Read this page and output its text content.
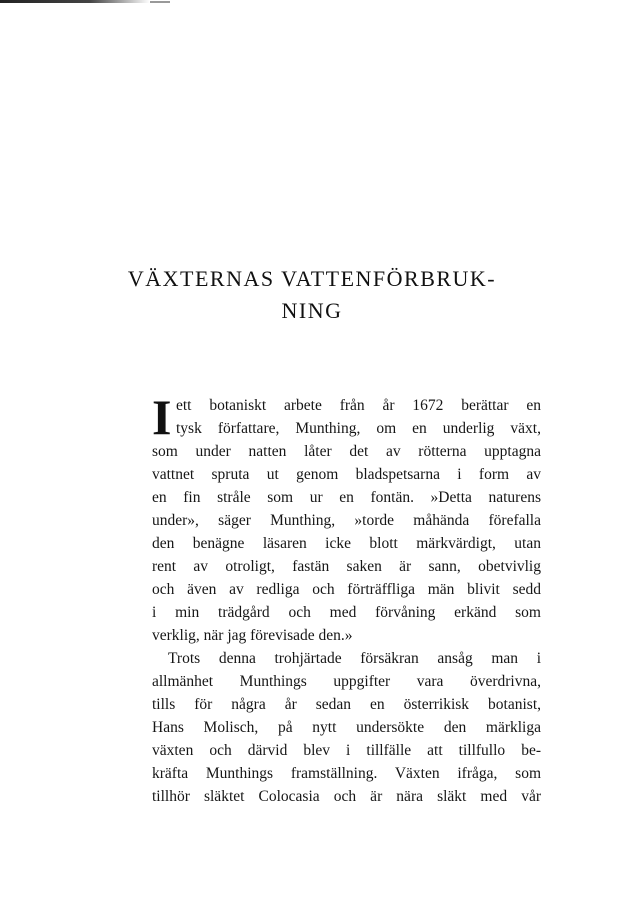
VÄXTERNAS VATTENFÖRBRUK-
NING
I ett botaniskt arbete från år 1672 berättar en
tysk författare, Munthing, om en underlig växt,
som under natten låter det av rötterna upptagna
vattnet spruta ut genom bladspetsarna i form av
en fin stråle som ur en fontän. »Detta naturens
under», säger Munthing, »torde måhända förefalla
den benägne läsaren icke blott märkvärdigt, utan
rent av otroligt, fastän saken är sann, obetvivlig
och även av redliga och förträffliga män blivit sedd
i min trädgård och med förvåning erkänd som
verklig, när jag förevisade den.»
Trots denna trohjärtade försäkran ansåg man i
allmänhet Munthings uppgifter vara överdrivna,
tills för några år sedan en österrikisk botanist,
Hans Molisch, på nytt undersökte den märkliga
växten och därvid blev i tillfälle att tillfullo be-
kräfta Munthings framställning. Växten ifråga, som
tillhör släktet Colocasia och är nära släkt med vår
